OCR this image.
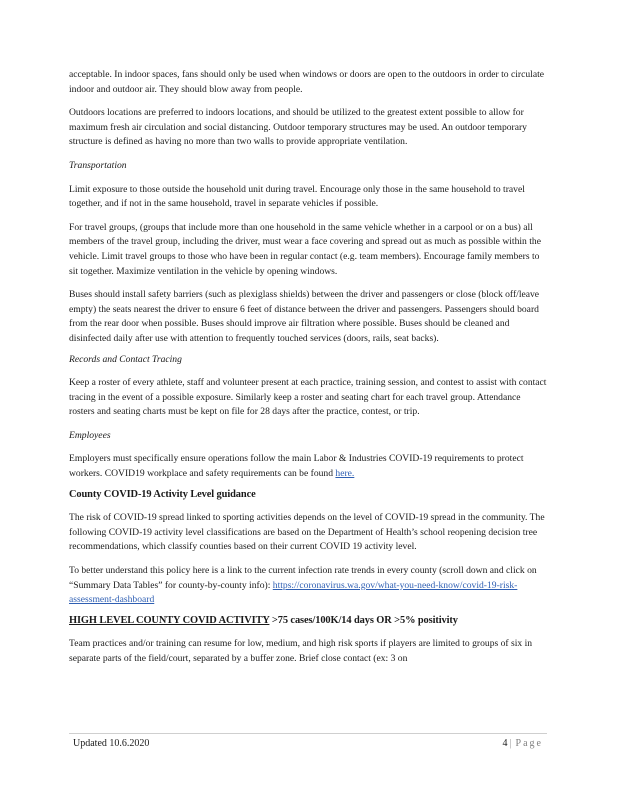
acceptable. In indoor spaces, fans should only be used when windows or doors are open to the outdoors in order to circulate indoor and outdoor air. They should blow away from people.

Outdoors locations are preferred to indoors locations, and should be utilized to the greatest extent possible to allow for maximum fresh air circulation and social distancing. Outdoor temporary structures may be used. An outdoor temporary structure is defined as having no more than two walls to provide appropriate ventilation.

Transportation

Limit exposure to those outside the household unit during travel. Encourage only those in the same household to travel together, and if not in the same household, travel in separate vehicles if possible.

For travel groups, (groups that include more than one household in the same vehicle whether in a carpool or on a bus) all members of the travel group, including the driver, must wear a face covering and spread out as much as possible within the vehicle. Limit travel groups to those who have been in regular contact (e.g. team members). Encourage family members to sit together. Maximize ventilation in the vehicle by opening windows.

Buses should install safety barriers (such as plexiglass shields) between the driver and passengers or close (block off/leave empty) the seats nearest the driver to ensure 6 feet of distance between the driver and passengers. Passengers should board from the rear door when possible. Buses should improve air filtration where possible. Buses should be cleaned and disinfected daily after use with attention to frequently touched services (doors, rails, seat backs).

Records and Contact Tracing

Keep a roster of every athlete, staff and volunteer present at each practice, training session, and contest to assist with contact tracing in the event of a possible exposure. Similarly keep a roster and seating chart for each travel group. Attendance rosters and seating charts must be kept on file for 28 days after the practice, contest, or trip.

Employees

Employers must specifically ensure operations follow the main Labor & Industries COVID-19 requirements to protect workers. COVID19 workplace and safety requirements can be found here.

County COVID-19 Activity Level guidance

The risk of COVID-19 spread linked to sporting activities depends on the level of COVID-19 spread in the community. The following COVID-19 activity level classifications are based on the Department of Health’s school reopening decision tree recommendations, which classify counties based on their current COVID 19 activity level.

To better understand this policy here is a link to the current infection rate trends in every county (scroll down and click on “Summary Data Tables” for county-by-county info): https://coronavirus.wa.gov/what-you-need-know/covid-19-risk-assessment-dashboard

HIGH LEVEL COUNTY COVID ACTIVITY >75 cases/100K/14 days OR >5% positivity

Team practices and/or training can resume for low, medium, and high risk sports if players are limited to groups of six in separate parts of the field/court, separated by a buffer zone. Brief close contact (ex: 3 on

Updated 10.6.2020	4 | Page
